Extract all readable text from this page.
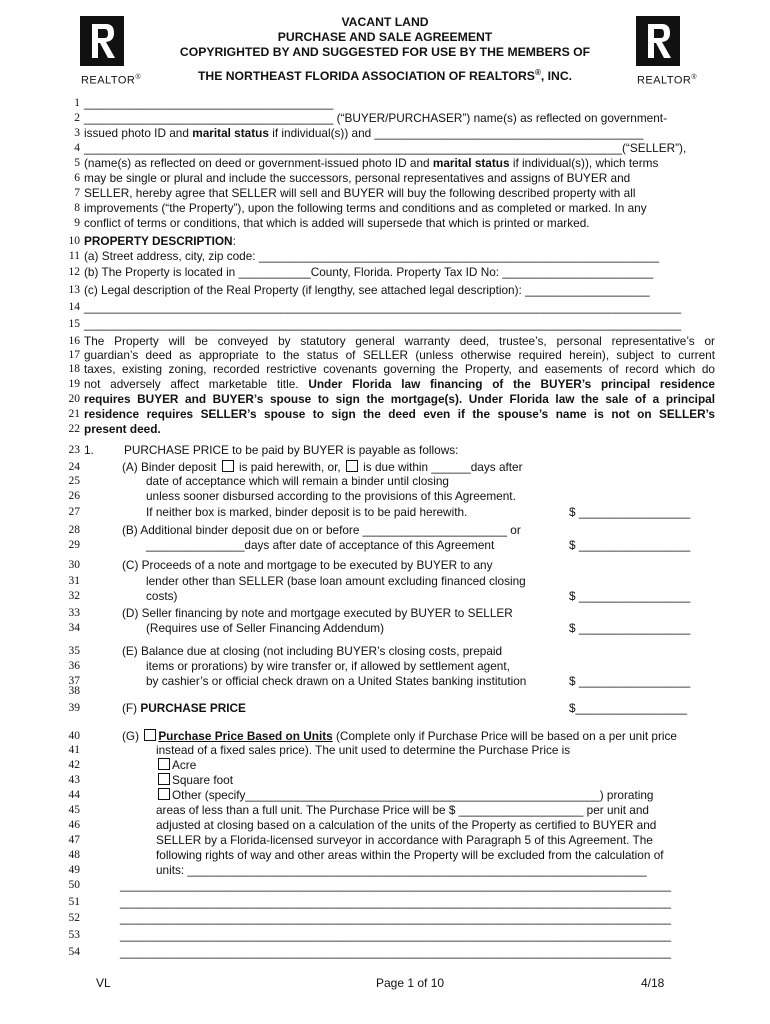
REALTOR®	REALTOR®
VACANT LAND
PURCHASE AND SALE AGREEMENT
COPYRIGHTED BY AND SUGGESTED FOR USE BY THE MEMBERS OF
THE NORTHEAST FLORIDA ASSOCIATION OF REALTORS®, INC.
1
2
3
4
5
6
7
8
9
10
11
12
13
14
15
16
17
18
19
20
21
22
23
24
25
26
27
28
29
30
31
32
33
34
35
36
37
38
39
40
41
42
43
44
45
46
47
48
49
50
51
52
53
54
______________________________________
______________________________________ (“BUYER/PURCHASER”) name(s) as reflected on government-
issued photo ID and marital status if individual(s)) and _________________________________________
__________________________________________________________________________________(“SELLER”),
(name(s) as reflected on deed or government-issued photo ID and marital status if individual(s)), which terms
may be single or plural and include the successors, personal representatives and assigns of BUYER and
SELLER, hereby agree that SELLER will sell and BUYER will buy the following described property with all
improvements (“the Property”), upon the following terms and conditions and as completed or marked. In any
conflict of terms or conditions, that which is added will supersede that which is printed or marked.
PROPERTY DESCRIPTION:
(a) Street address, city, zip code: _____________________________________________________________
(b) The Property is located in ___________County, Florida. Property Tax ID No: _______________________
(c) Legal description of the Real Property (if lengthy, see attached legal description): ___________________
___________________________________________________________________________________________
___________________________________________________________________________________________
The Property will be conveyed by statutory general warranty deed, trustee’s, personal representative’s or
guardian’s deed as appropriate to the status of SELLER (unless otherwise required herein), subject to current
taxes, existing zoning, recorded restrictive covenants governing the Property, and easements of record which do
not adversely affect marketable title. Under Florida law financing of the BUYER’s principal residence
requires BUYER and BUYER’s spouse to sign the mortgage(s). Under Florida law the sale of a principal
residence requires SELLER’s spouse to sign the deed even if the spouse’s name is not on SELLER’s
present deed.
1.	PURCHASE PRICE to be paid by BUYER is payable as follows:
(A) Binder deposit  is paid herewith, or,  is due within ______days after
date of acceptance which will remain a binder until closing
unless sooner disbursed according to the provisions of this Agreement.
If neither box is marked, binder deposit is to be paid herewith.	$ _________________
(B) Additional binder deposit due on or before ______________________ or
_______________days after date of acceptance of this Agreement	$ _________________
(C) Proceeds of a note and mortgage to be executed by BUYER to any
lender other than SELLER (base loan amount excluding financed closing
costs)	$ _________________
(D) Seller financing by note and mortgage executed by BUYER to SELLER
(Requires use of Seller Financing Addendum)	$ _________________
(E) Balance due at closing (not including BUYER’s closing costs, prepaid
items or prorations) by wire transfer or, if allowed by settlement agent,
by cashier’s or official check drawn on a United States banking institution	$ _________________
(F) PURCHASE PRICE	$_________________
(G) Purchase Price Based on Units (Complete only if Purchase Price will be based on a per unit price
instead of a fixed sales price). The unit used to determine the Purchase Price is
Acre
Square foot
Other (specify______________________________________________________) prorating
areas of less than a full unit. The Purchase Price will be $ ___________________ per unit and
adjusted at closing based on a calculation of the units of the Property as certified to BUYER and
SELLER by a Florida-licensed surveyor in accordance with Paragraph 5 of this Agreement. The
following rights of way and other areas within the Property will be excluded from the calculation of
units: ______________________________________________________________________
____________________________________________________________________________________
____________________________________________________________________________________
____________________________________________________________________________________
____________________________________________________________________________________
____________________________________________________________________________________
VL	Page 1 of 10	4/18
